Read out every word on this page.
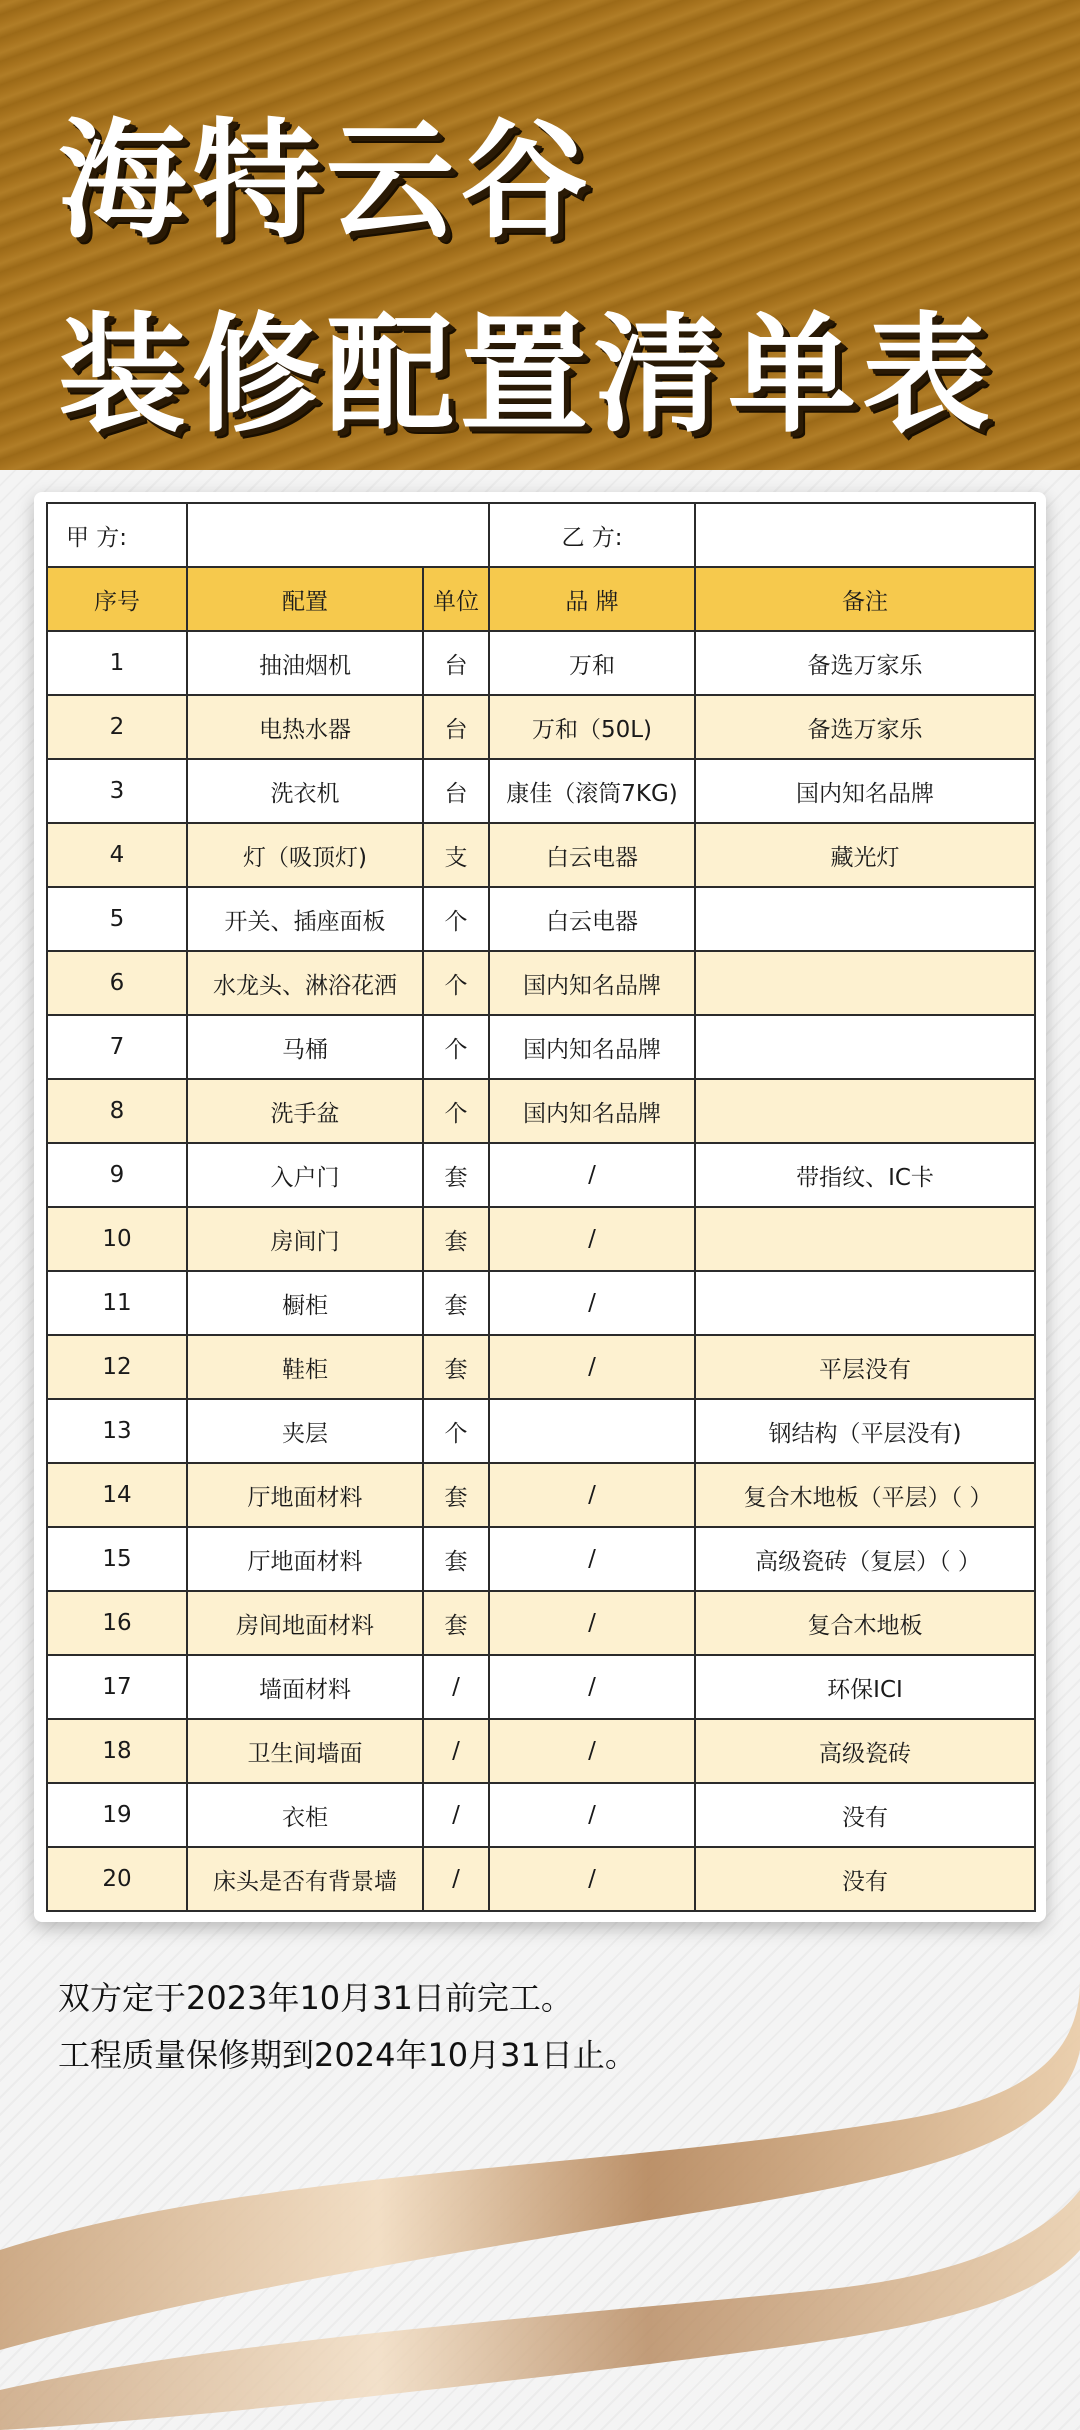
海特云谷
装修配置清单表
甲 方:			乙 方:	
序号	配置	单位	品 牌	备注
1	抽油烟机	台	万和	备选万家乐
2	电热水器	台	万和（50L)	备选万家乐
3	洗衣机	台	康佳（滚筒7KG)	国内知名品牌
4	灯（吸顶灯)	支	白云电器	藏光灯
5	开关、插座面板	个	白云电器	
6	水龙头、淋浴花洒	个	国内知名品牌	
7	马桶	个	国内知名品牌	
8	洗手盆	个	国内知名品牌	
9	入户门	套	/	带指纹、IC卡
10	房间门	套	/	
11	橱柜	套	/	
12	鞋柜	套	/	平层没有
13	夹层	个		钢结构（平层没有)
14	厅地面材料	套	/	复合木地板（平层）（ ）
15	厅地面材料	套	/	高级瓷砖（复层）（ ）
16	房间地面材料	套	/	复合木地板
17	墙面材料	/	/	环保ICI
18	卫生间墙面	/	/	高级瓷砖
19	衣柜	/	/	没有
20	床头是否有背景墙	/	/	没有
双方定于2023年10月31日前完工。
工程质量保修期到2024年10月31日止。
